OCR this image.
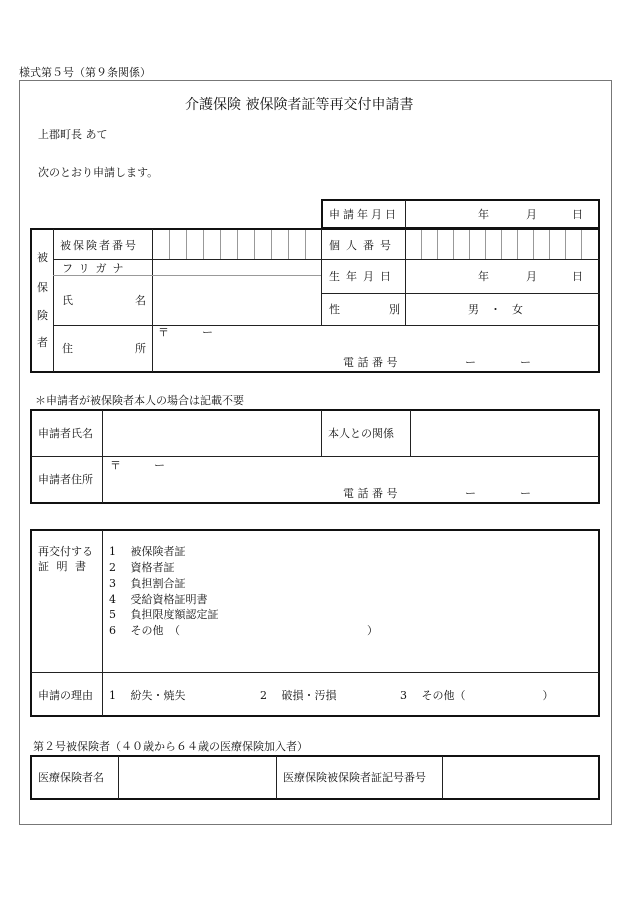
様式第５号（第９条関係）
介護保険 被保険者証等再交付申請書
上郡町長 あて
次のとおり申請します。
申請年月日	年	月	日
被
保
険
者
被保険者番号	個人番号
フリガナ
氏	名
生年月日	年	月	日
性	別	男　・　女
住	所
〒　　　ー
電 話 番 号	ー　　　　ー
＊申請者が被保険者本人の場合は記載不要
申請者氏名	本人との関係
申請者住所
〒　　　ー
電 話 番 号	ー　　　　ー
再交付する
証 明 書
1　 被保険者証
2　 資格者証
3　 負担割合証
4　 受給資格証明書
5　 負担限度額認定証
6　 その他　（　　　　　　　　　　　　　　　　　）
申請の理由 1　 紛失・焼失	2　 破損・汚損	3　 その他（　　　　　　　）
第２号被保険者（４０歳から６４歳の医療保険加入者）
医療保険者名	医療保険被保険者証記号番号
